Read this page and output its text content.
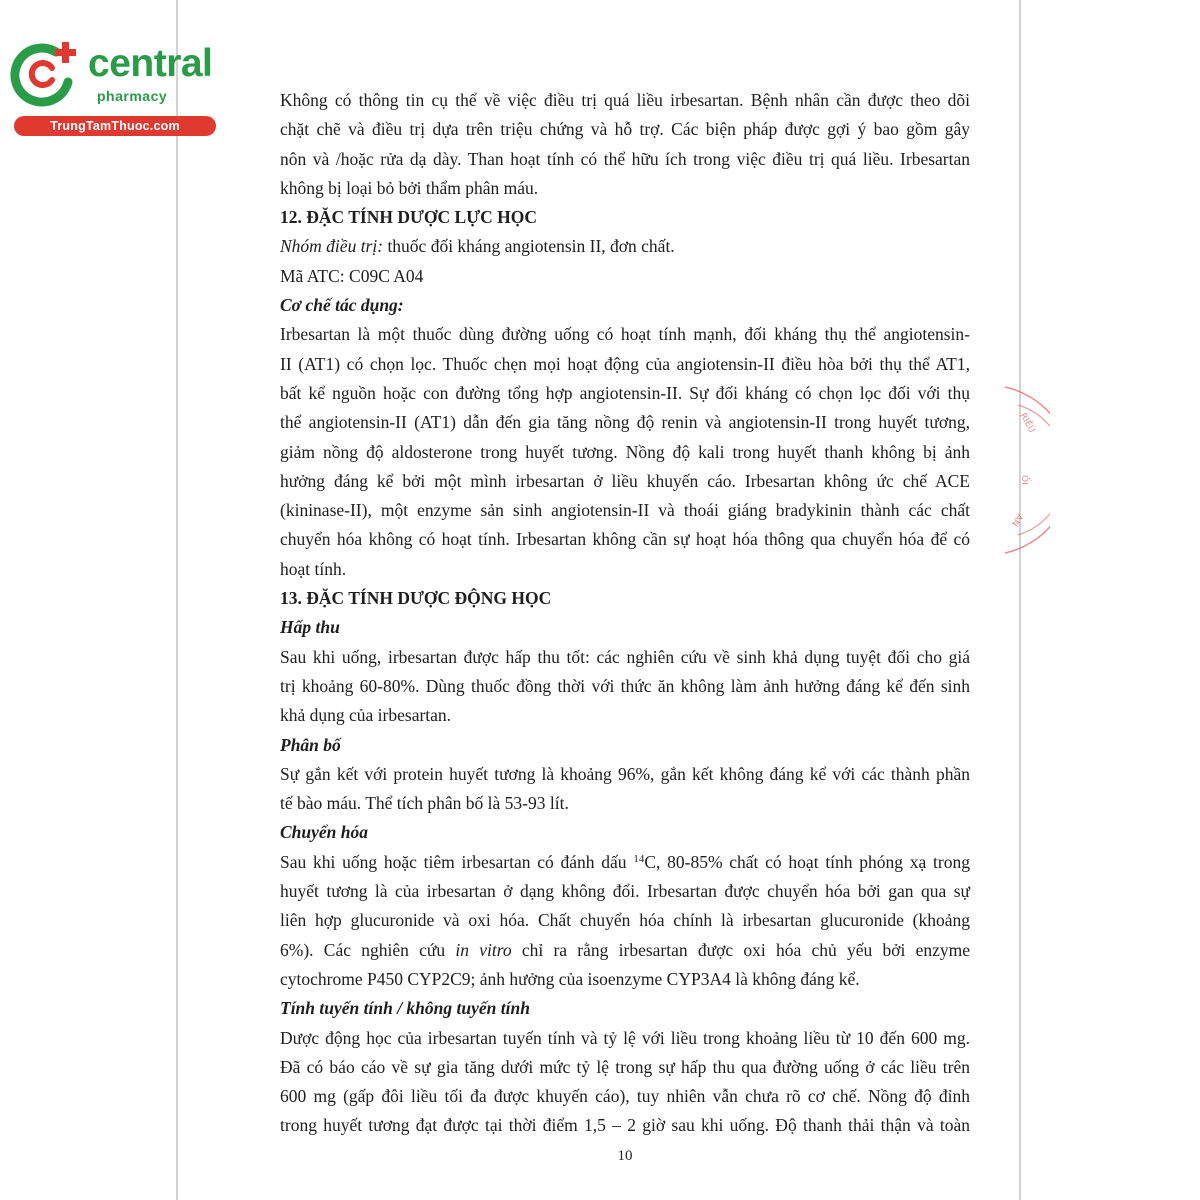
central
pharmacy
TrungTamThuoc.com
RIÊU
ỐI
AN
Không có thông tin cụ thể về việc điều trị quá liều irbesartan. Bệnh nhân cần được theo dõi
chặt chẽ và điều trị dựa trên triệu chứng và hỗ trợ. Các biện pháp được gợi ý bao gồm gây
nôn và /hoặc rửa dạ dày. Than hoạt tính có thể hữu ích trong việc điều trị quá liều. Irbesartan
không bị loại bỏ bởi thẩm phân máu.
12. ĐẶC TÍNH DƯỢC LỰC HỌC
Nhóm điều trị: thuốc đối kháng angiotensin II, đơn chất.
Mã ATC: C09C A04
Cơ chế tác dụng:
Irbesartan là một thuốc dùng đường uống có hoạt tính mạnh, đối kháng thụ thể angiotensin-
II (AT1) có chọn lọc. Thuốc chẹn mọi hoạt động của angiotensin-II điều hòa bởi thụ thể AT1,
bất kể nguồn hoặc con đường tổng hợp angiotensin-II. Sự đối kháng có chọn lọc đối với thụ
thể angiotensin-II (AT1) dẫn đến gia tăng nồng độ renin và angiotensin-II trong huyết tương,
giảm nồng độ aldosterone trong huyết tương. Nồng độ kali trong huyết thanh không bị ảnh
hưởng đáng kể bởi một mình irbesartan ở liều khuyến cáo. Irbesartan không ức chế ACE
(kininase-II), một enzyme sản sinh angiotensin-II và thoái giáng bradykinin thành các chất
chuyển hóa không có hoạt tính. Irbesartan không cần sự hoạt hóa thông qua chuyển hóa để có
hoạt tính.
13. ĐẶC TÍNH DƯỢC ĐỘNG HỌC
Hấp thu
Sau khi uống, irbesartan được hấp thu tốt: các nghiên cứu về sinh khả dụng tuyệt đối cho giá
trị khoảng 60-80%. Dùng thuốc đồng thời với thức ăn không làm ảnh hưởng đáng kể đến sinh
khả dụng của irbesartan.
Phân bố
Sự gắn kết với protein huyết tương là khoảng 96%, gắn kết không đáng kể với các thành phần
tế bào máu. Thể tích phân bố là 53-93 lít.
Chuyển hóa
Sau khi uống hoặc tiêm irbesartan có đánh dấu $^{14}$C, 80-85% chất có hoạt tính phóng xạ trong
huyết tương là của irbesartan ở dạng không đổi. Irbesartan được chuyển hóa bởi gan qua sự
liên hợp glucuronide và oxi hóa. Chất chuyển hóa chính là irbesartan glucuronide (khoảng
6%). Các nghiên cứu in vitro chỉ ra rằng irbesartan được oxi hóa chủ yếu bởi enzyme
cytochrome P450 CYP2C9; ảnh hưởng của isoenzyme CYP3A4 là không đáng kể.
Tính tuyến tính / không tuyến tính
Dược động học của irbesartan tuyến tính và tỷ lệ với liều trong khoảng liều từ 10 đến 600 mg.
Đã có báo cáo về sự gia tăng dưới mức tỷ lệ trong sự hấp thu qua đường uống ở các liều trên
600 mg (gấp đôi liều tối đa được khuyến cáo), tuy nhiên vẫn chưa rõ cơ chế. Nồng độ đỉnh
trong huyết tương đạt được tại thời điểm 1,5 – 2 giờ sau khi uống. Độ thanh thải thận và toàn
10
